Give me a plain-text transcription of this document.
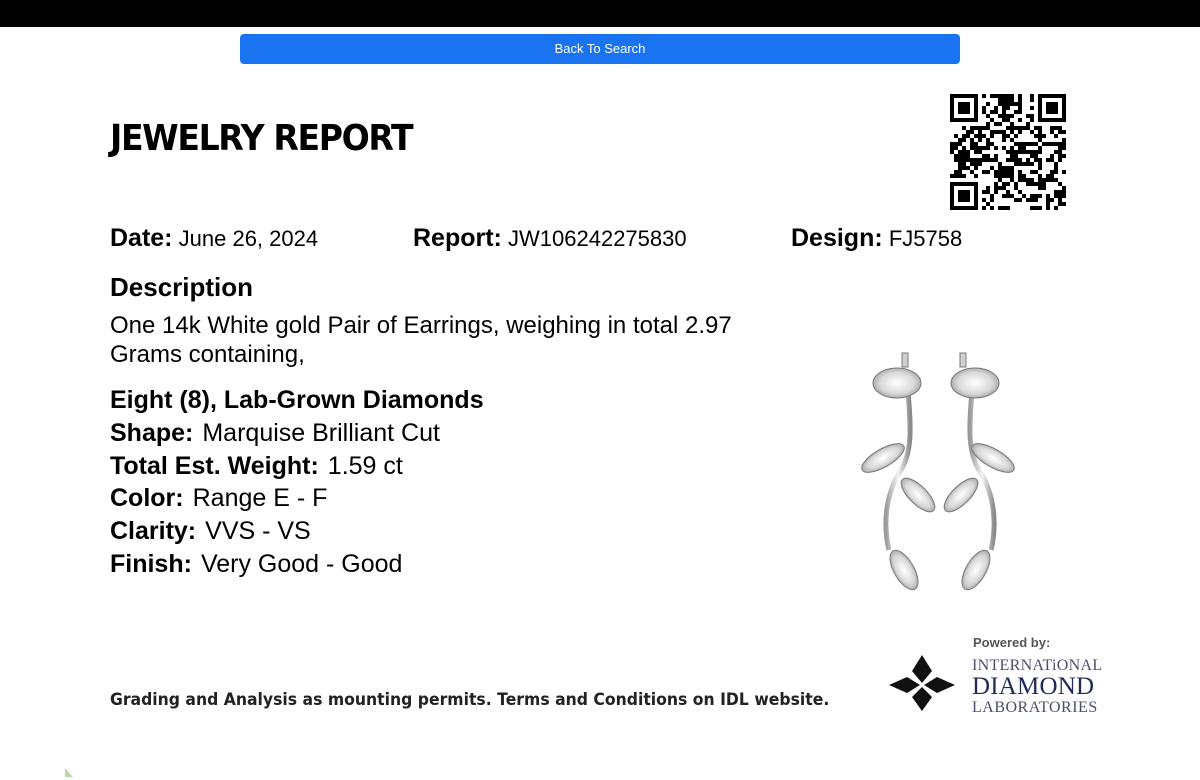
Back To Search
JEWELRY REPORT
Date: June 26, 2024	Report: JW106242275830	Design: FJ5758
Description

One 14k White gold Pair of Earrings, weighing in total 2.97 Grams containing,

Eight (8), Lab-Grown Diamonds
Shape: Marquise Brilliant Cut
Total Est. Weight: 1.59 ct
Color: Range E - F
Clarity: VVS - VS
Finish: Very Good - Good

Grading and Analysis as mounting permits. Terms and Conditions on IDL website.

Powered by:
INTERNATiONAL
DIAMOND
LABORATORIES
